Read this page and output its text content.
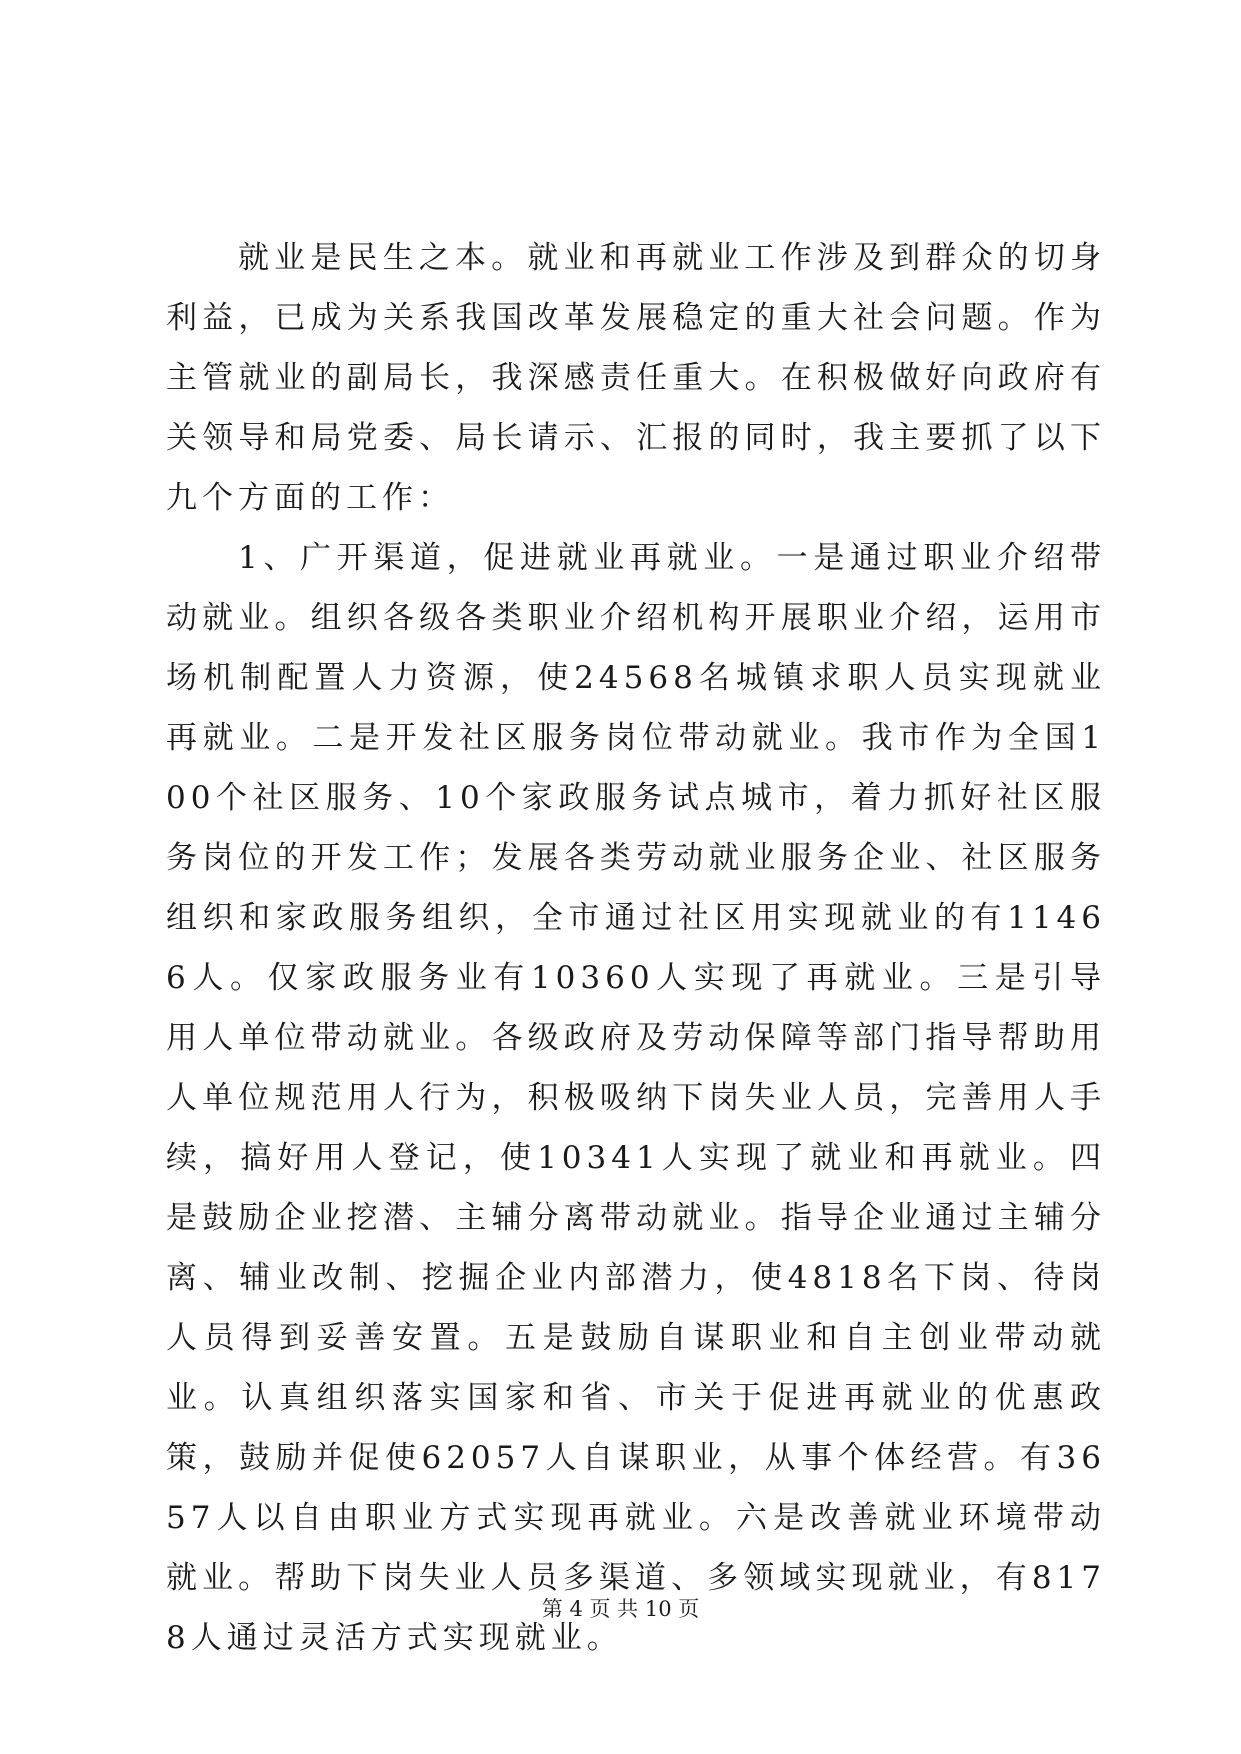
就业是民生之本。就业和再就业工作涉及到群众的切身利益，已成为关系我国改革发展稳定的重大社会问题。作为主管就业的副局长，我深感责任重大。在积极做好向政府有关领导和局党委、局长请示、汇报的同时，我主要抓了以下九个方面的工作：

1、广开渠道，促进就业再就业。一是通过职业介绍带动就业。组织各级各类职业介绍机构开展职业介绍，运用市场机制配置人力资源，使24568名城镇求职人员实现就业再就业。二是开发社区服务岗位带动就业。我市作为全国100个社区服务、10个家政服务试点城市，着力抓好社区服务岗位的开发工作；发展各类劳动就业服务企业、社区服务组织和家政服务组织，全市通过社区用实现就业的有11466人。仅家政服务业有10360人实现了再就业。三是引导用人单位带动就业。各级政府及劳动保障等部门指导帮助用人单位规范用人行为，积极吸纳下岗失业人员，完善用人手续，搞好用人登记，使10341人实现了就业和再就业。四是鼓励企业挖潜、主辅分离带动就业。指导企业通过主辅分离、辅业改制、挖掘企业内部潜力，使4818名下岗、待岗人员得到妥善安置。五是鼓励自谋职业和自主创业带动就业。认真组织落实国家和省、市关于促进再就业的优惠政策，鼓励并促使62057人自谋职业，从事个体经营。有3657人以自由职业方式实现再就业。六是改善就业环境带动就业。帮助下岗失业人员多渠道、多领域实现就业，有8178人通过灵活方式实现就业。

第 4 页 共 10 页
